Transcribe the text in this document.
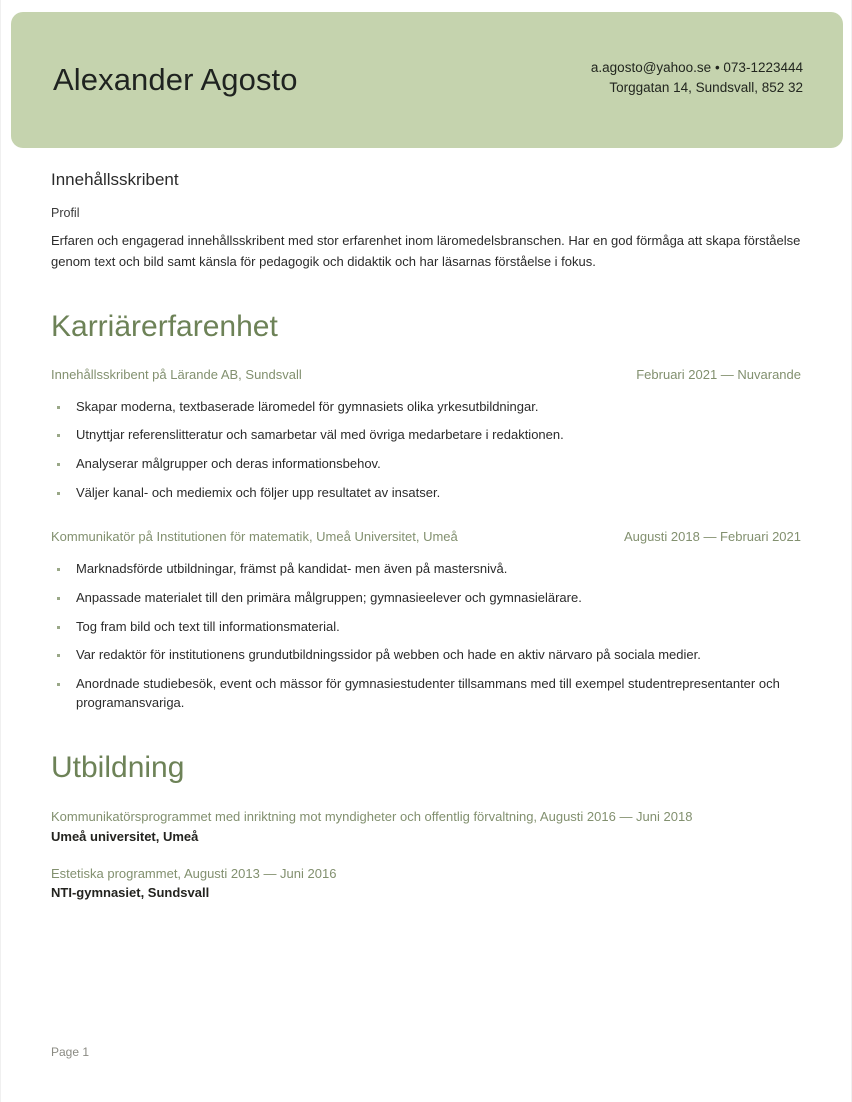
Alexander Agosto	a.agosto@yahoo.se • 073-1223444
Torggatan 14, Sundsvall, 852 32
Innehållsskribent
Profil

Erfaren och engagerad innehållsskribent med stor erfarenhet inom läromedelsbranschen. Har en god förmåga att skapa förståelse genom text och bild samt känsla för pedagogik och didaktik och har läsarnas förståelse i fokus.

Karriärerfarenhet
Innehållsskribent på Lärande AB, Sundsvall	Februari 2021 — Nuvarande
Skapar moderna, textbaserade läromedel för gymnasiets olika yrkesutbildningar.
Utnyttjar referenslitteratur och samarbetar väl med övriga medarbetare i redaktionen.
Analyserar målgrupper och deras informationsbehov.
Väljer kanal- och mediemix och följer upp resultatet av insatser.
Kommunikatör på Institutionen för matematik, Umeå Universitet, Umeå	Augusti 2018 — Februari 2021
Marknadsförde utbildningar, främst på kandidat- men även på mastersnivå.
Anpassade materialet till den primära målgruppen; gymnasieelever och gymnasielärare.
Tog fram bild och text till informationsmaterial.
Var redaktör för institutionens grundutbildningssidor på webben och hade en aktiv närvaro på sociala medier.
Anordnade studiebesök, event och mässor för gymnasiestudenter tillsammans med till exempel studentrepresentanter och programansvariga.
Utbildning

Kommunikatörsprogrammet med inriktning mot myndigheter och offentlig förvaltning, Augusti 2016 — Juni 2018

Umeå universitet, Umeå

Estetiska programmet, Augusti 2013 — Juni 2016

NTI-gymnasiet, Sundsvall

Page 1
